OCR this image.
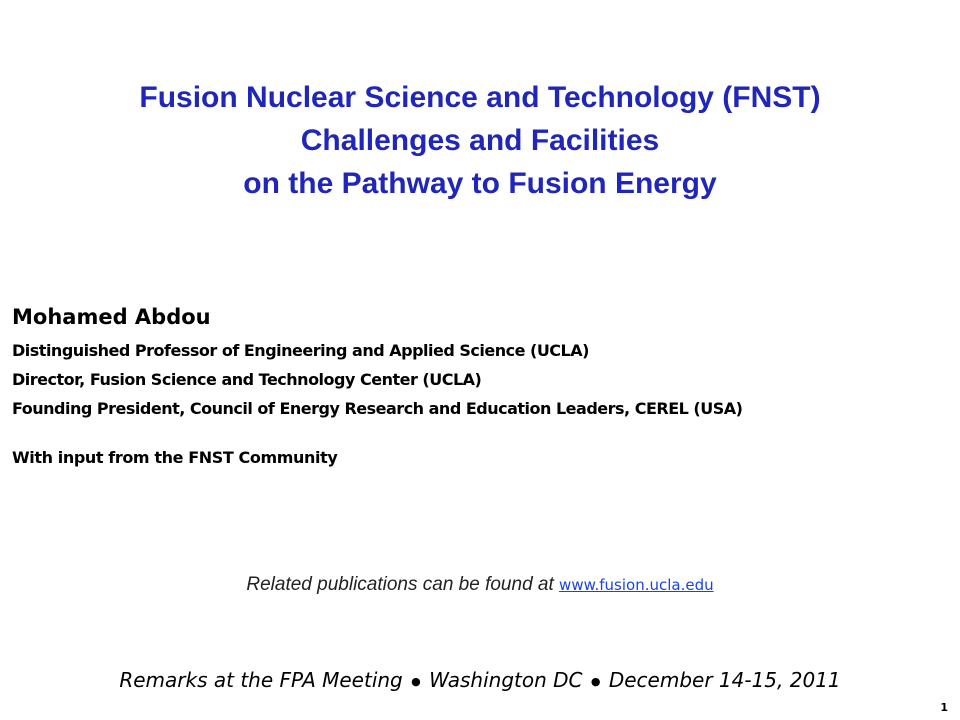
Fusion Nuclear Science and Technology (FNST)
Challenges and Facilities
on the Pathway to Fusion Energy
Mohamed Abdou
Distinguished Professor of Engineering and Applied Science (UCLA)
Director, Fusion Science and Technology Center (UCLA)
Founding President, Council of Energy Research and Education Leaders, CEREL (USA)
With input from the FNST Community
Related publications can be found at www.fusion.ucla.edu
Remarks at the FPA Meeting ● Washington DC ● December 14-15, 2011
1
